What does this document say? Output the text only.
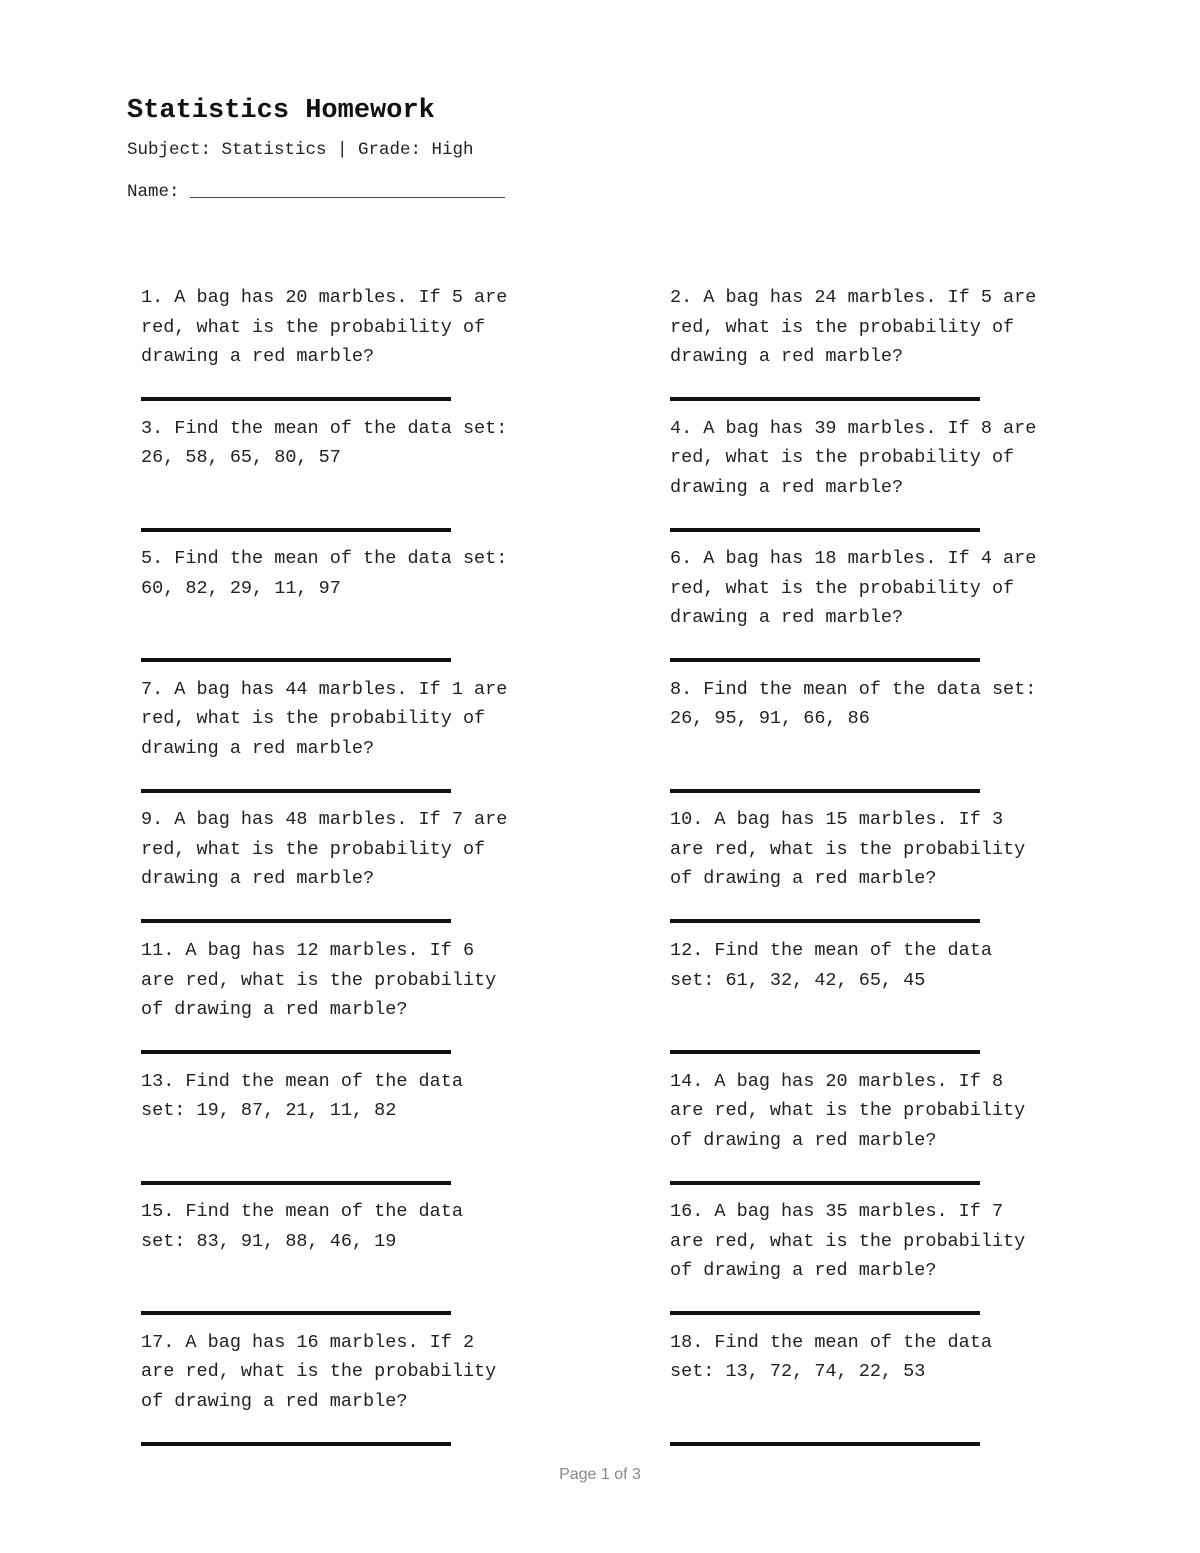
Statistics Homework
Subject: Statistics | Grade: High
Name: ______________________________
1. A bag has 20 marbles. If 5 are
red, what is the probability of
drawing a red marble?
2. A bag has 24 marbles. If 5 are
red, what is the probability of
drawing a red marble?
3. Find the mean of the data set:
26, 58, 65, 80, 57
4. A bag has 39 marbles. If 8 are
red, what is the probability of
drawing a red marble?
5. Find the mean of the data set:
60, 82, 29, 11, 97
6. A bag has 18 marbles. If 4 are
red, what is the probability of
drawing a red marble?
7. A bag has 44 marbles. If 1 are
red, what is the probability of
drawing a red marble?
8. Find the mean of the data set:
26, 95, 91, 66, 86
9. A bag has 48 marbles. If 7 are
red, what is the probability of
drawing a red marble?
10. A bag has 15 marbles. If 3
are red, what is the probability
of drawing a red marble?
11. A bag has 12 marbles. If 6
are red, what is the probability
of drawing a red marble?
12. Find the mean of the data
set: 61, 32, 42, 65, 45
13. Find the mean of the data
set: 19, 87, 21, 11, 82
14. A bag has 20 marbles. If 8
are red, what is the probability
of drawing a red marble?
15. Find the mean of the data
set: 83, 91, 88, 46, 19
16. A bag has 35 marbles. If 7
are red, what is the probability
of drawing a red marble?
17. A bag has 16 marbles. If 2
are red, what is the probability
of drawing a red marble?
18. Find the mean of the data
set: 13, 72, 74, 22, 53
Page 1 of 3
